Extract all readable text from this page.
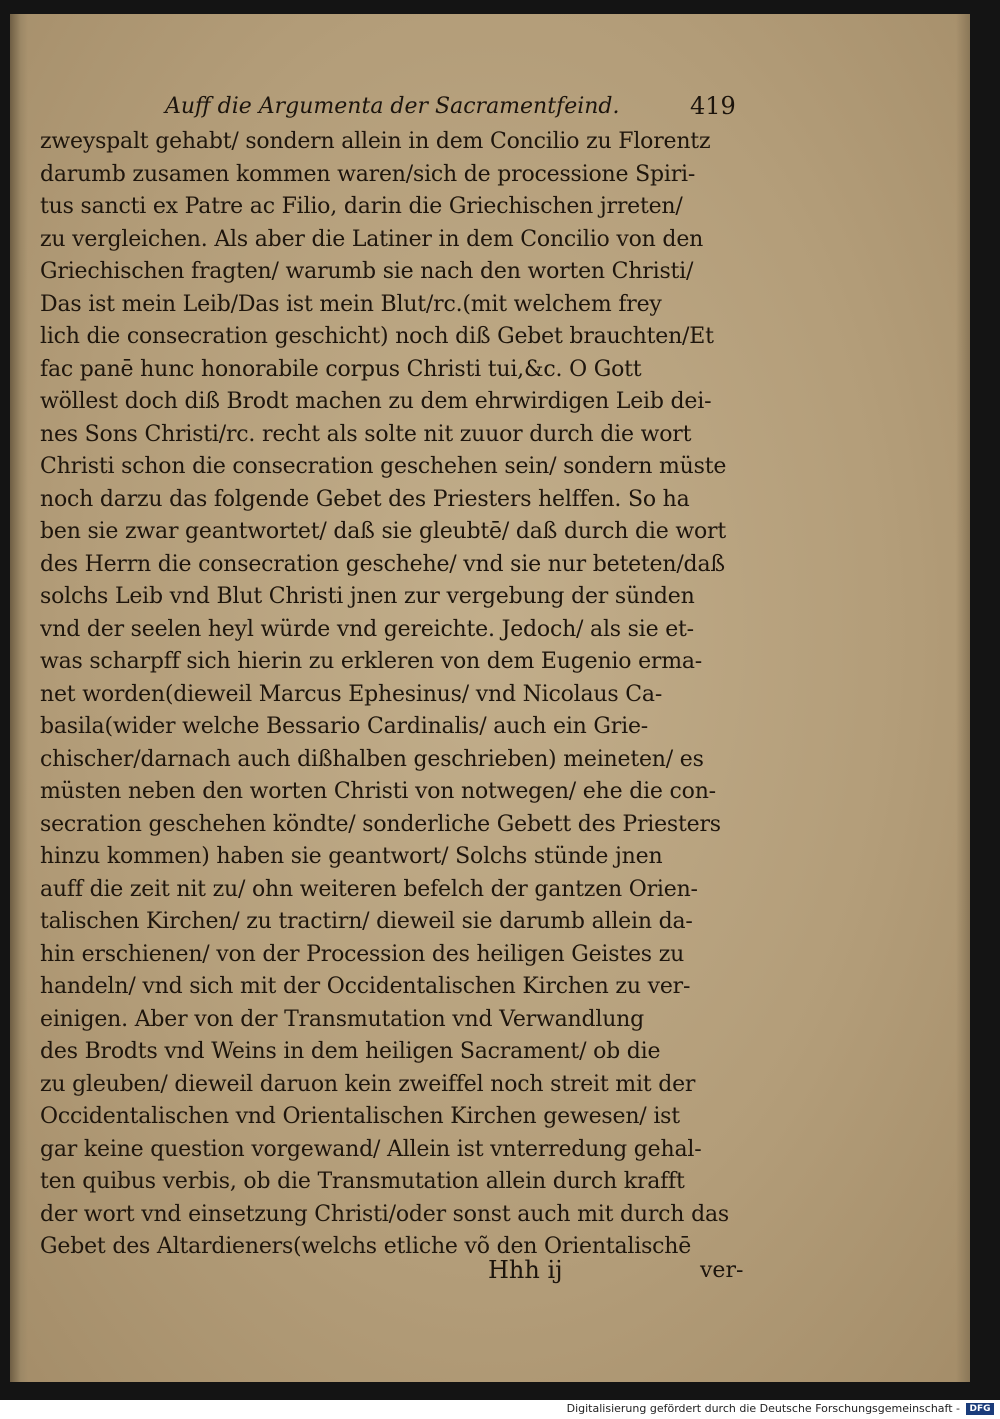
Auff die Argumenta der Sacramentfeind.	419
zweyspalt gehabt/ sondern allein in dem Concilio zu Florentz
darumb zusamen kommen waren/sich de processione Spiri-
tus sancti ex Patre ac Filio, darin die Griechischen jrreten/
zu vergleichen. Als aber die Latiner in dem Concilio von den
Griechischen fragten/ warumb sie nach den worten Christi/
Das ist mein Leib/Das ist mein Blut/rc.(mit welchem frey
lich die consecration geschicht) noch diß Gebet brauchten/Et
fac panē hunc honorabile corpus Christi tui,&c. O Gott
wöllest doch diß Brodt machen zu dem ehrwirdigen Leib dei-
nes Sons Christi/rc. recht als solte nit zuuor durch die wort
Christi schon die consecration geschehen sein/ sondern müste
noch darzu das folgende Gebet des Priesters helffen. So ha
ben sie zwar geantwortet/ daß sie gleubtē/ daß durch die wort
des Herrn die consecration geschehe/ vnd sie nur beteten/daß
solchs Leib vnd Blut Christi jnen zur vergebung der sünden
vnd der seelen heyl würde vnd gereichte. Jedoch/ als sie et-
was scharpff sich hierin zu erkleren von dem Eugenio erma-
net worden(dieweil Marcus Ephesinus/ vnd Nicolaus Ca-
basila(wider welche Bessario Cardinalis/ auch ein Grie-
chischer/darnach auch dißhalben geschrieben) meineten/ es
müsten neben den worten Christi von notwegen/ ehe die con-
secration geschehen köndte/ sonderliche Gebett des Priesters
hinzu kommen) haben sie geantwort/ Solchs stünde jnen
auff die zeit nit zu/ ohn weiteren befelch der gantzen Orien-
talischen Kirchen/ zu tractirn/ dieweil sie darumb allein da-
hin erschienen/ von der Procession des heiligen Geistes zu
handeln/ vnd sich mit der Occidentalischen Kirchen zu ver-
einigen. Aber von der Transmutation vnd Verwandlung
des Brodts vnd Weins in dem heiligen Sacrament/ ob die
zu gleuben/ dieweil daruon kein zweiffel noch streit mit der
Occidentalischen vnd Orientalischen Kirchen gewesen/ ist
gar keine question vorgewand/ Allein ist vnterredung gehal-
ten quibus verbis, ob die Transmutation allein durch krafft
der wort vnd einsetzung Christi/oder sonst auch mit durch das
Gebet des Altardieners(welchs etliche võ den Orientalischē
Hhh ij	ver-
Digitalisierung gefördert durch die Deutsche Forschungsgemeinschaft -	DFG
